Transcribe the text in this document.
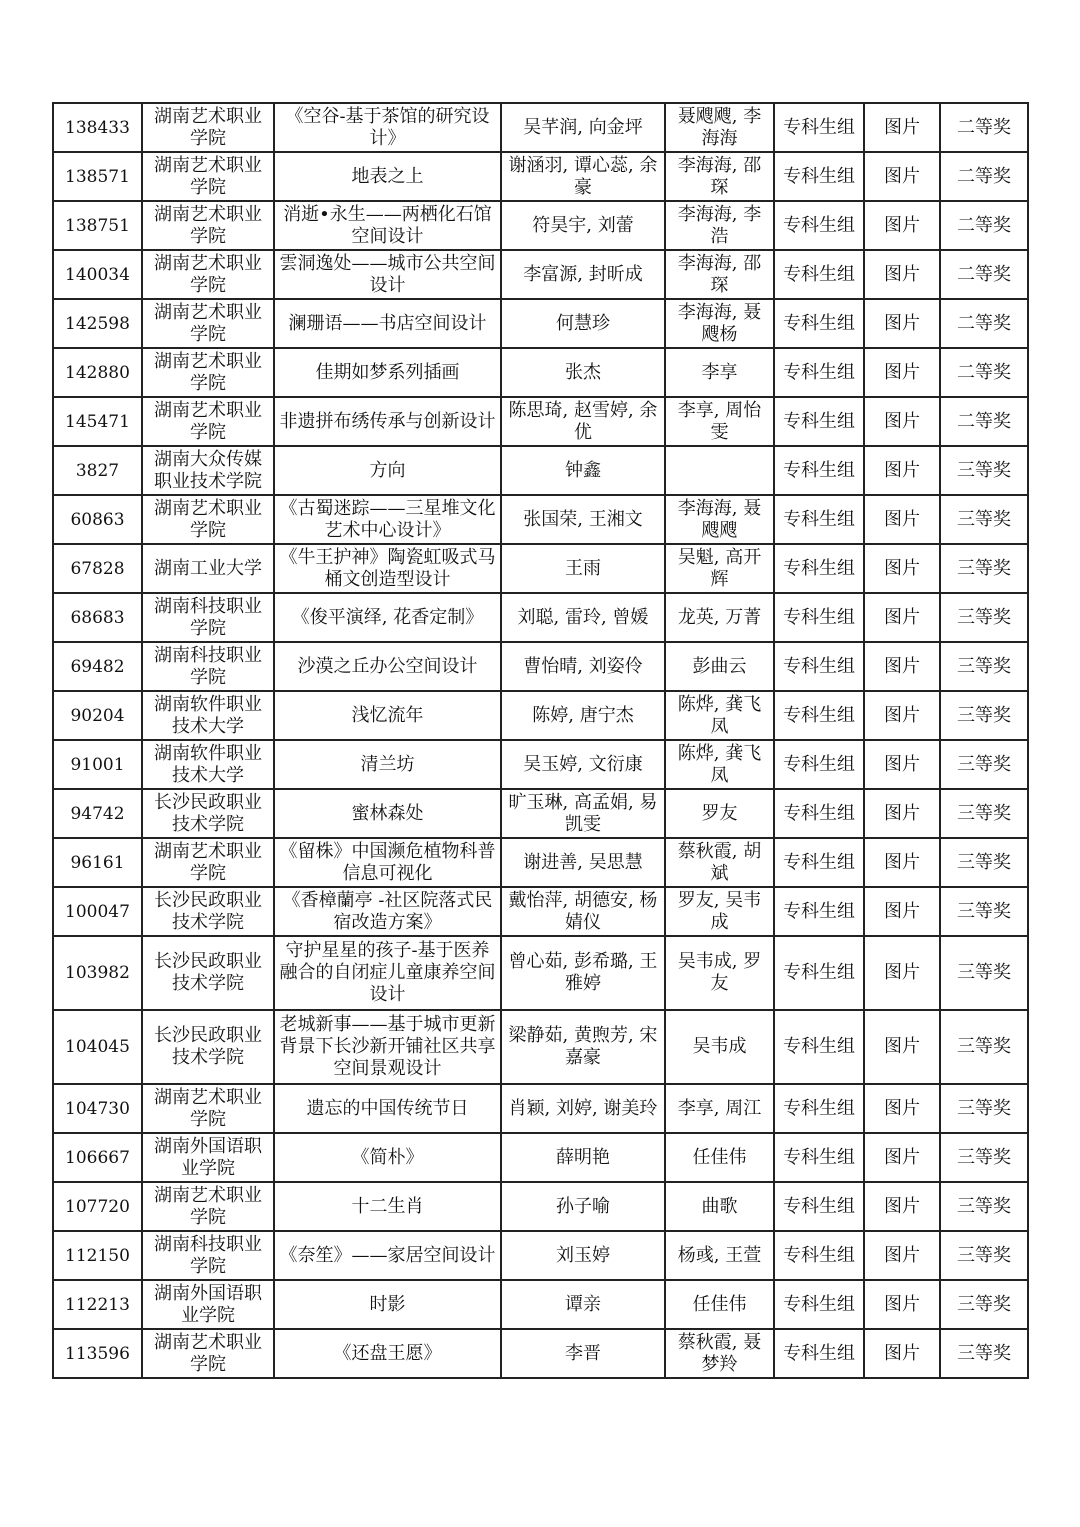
138433	湖南艺术职业学院	《空谷-基于茶馆的研究设计》	吴芊润, 向金坪	聂飕飕, 李海海	专科生组	图片	二等奖
138571	湖南艺术职业学院	地表之上	谢涵羽, 谭心蕊, 余豪	李海海, 邵琛	专科生组	图片	二等奖
138751	湖南艺术职业学院	消逝•永生——两栖化石馆空间设计	符昊宇, 刘蕾	李海海, 李浩	专科生组	图片	二等奖
140034	湖南艺术职业学院	雲洞逸处——城市公共空间设计	李富源, 封昕成	李海海, 邵琛	专科生组	图片	二等奖
142598	湖南艺术职业学院	澜珊语——书店空间设计	何慧珍	李海海, 聂飕杨	专科生组	图片	二等奖
142880	湖南艺术职业学院	佳期如梦系列插画	张杰	李享	专科生组	图片	二等奖
145471	湖南艺术职业学院	非遗拼布绣传承与创新设计	陈思琦, 赵雪婷, 余优	李享, 周怡雯	专科生组	图片	二等奖
3827	湖南大众传媒职业技术学院	方向	钟鑫		专科生组	图片	三等奖
60863	湖南艺术职业学院	《古蜀迷踪——三星堆文化艺术中心设计》	张国荣, 王湘文	李海海, 聂飕飕	专科生组	图片	三等奖
67828	湖南工业大学	《牛王护神》陶瓷虹吸式马桶文创造型设计	王雨	吴魁, 高开辉	专科生组	图片	三等奖
68683	湖南科技职业学院	《俊平演绎, 花香定制》	刘聪, 雷玲, 曾媛	龙英, 万菁	专科生组	图片	三等奖
69482	湖南科技职业学院	沙漠之丘办公空间设计	曹怡晴, 刘姿伶	彭曲云	专科生组	图片	三等奖
90204	湖南软件职业技术大学	浅忆流年	陈婷, 唐宁杰	陈烨, 龚飞凤	专科生组	图片	三等奖
91001	湖南软件职业技术大学	清兰坊	吴玉婷, 文衍康	陈烨, 龚飞凤	专科生组	图片	三等奖
94742	长沙民政职业技术学院	蜜林森处	旷玉琳, 高孟娟, 易凯雯	罗友	专科生组	图片	三等奖
96161	湖南艺术职业学院	《留株》中国濒危植物科普信息可视化	谢进善, 吴思慧	蔡秋霞, 胡斌	专科生组	图片	三等奖
100047	长沙民政职业技术学院	《香樟蘭亭 -社区院落式民宿改造方案》	戴怡萍, 胡德安, 杨婧仪	罗友, 吴韦成	专科生组	图片	三等奖
103982	长沙民政职业技术学院	守护星星的孩子-基于医养融合的自闭症儿童康养空间设计	曾心茹, 彭希璐, 王雅婷	吴韦成, 罗友	专科生组	图片	三等奖
104045	长沙民政职业技术学院	老城新事——基于城市更新背景下长沙新开铺社区共享空间景观设计	梁静茹, 黄煦芳, 宋嘉豪	吴韦成	专科生组	图片	三等奖
104730	湖南艺术职业学院	遗忘的中国传统节日	肖颖, 刘婷, 谢美玲	李享, 周江	专科生组	图片	三等奖
106667	湖南外国语职业学院	《简朴》	薛明艳	任佳伟	专科生组	图片	三等奖
107720	湖南艺术职业学院	十二生肖	孙子喻	曲歌	专科生组	图片	三等奖
112150	湖南科技职业学院	《奈笙》——家居空间设计	刘玉婷	杨彧, 王萱	专科生组	图片	三等奖
112213	湖南外国语职业学院	时影	谭亲	任佳伟	专科生组	图片	三等奖
113596	湖南艺术职业学院	《还盘王愿》	李晋	蔡秋霞, 聂梦羚	专科生组	图片	三等奖
